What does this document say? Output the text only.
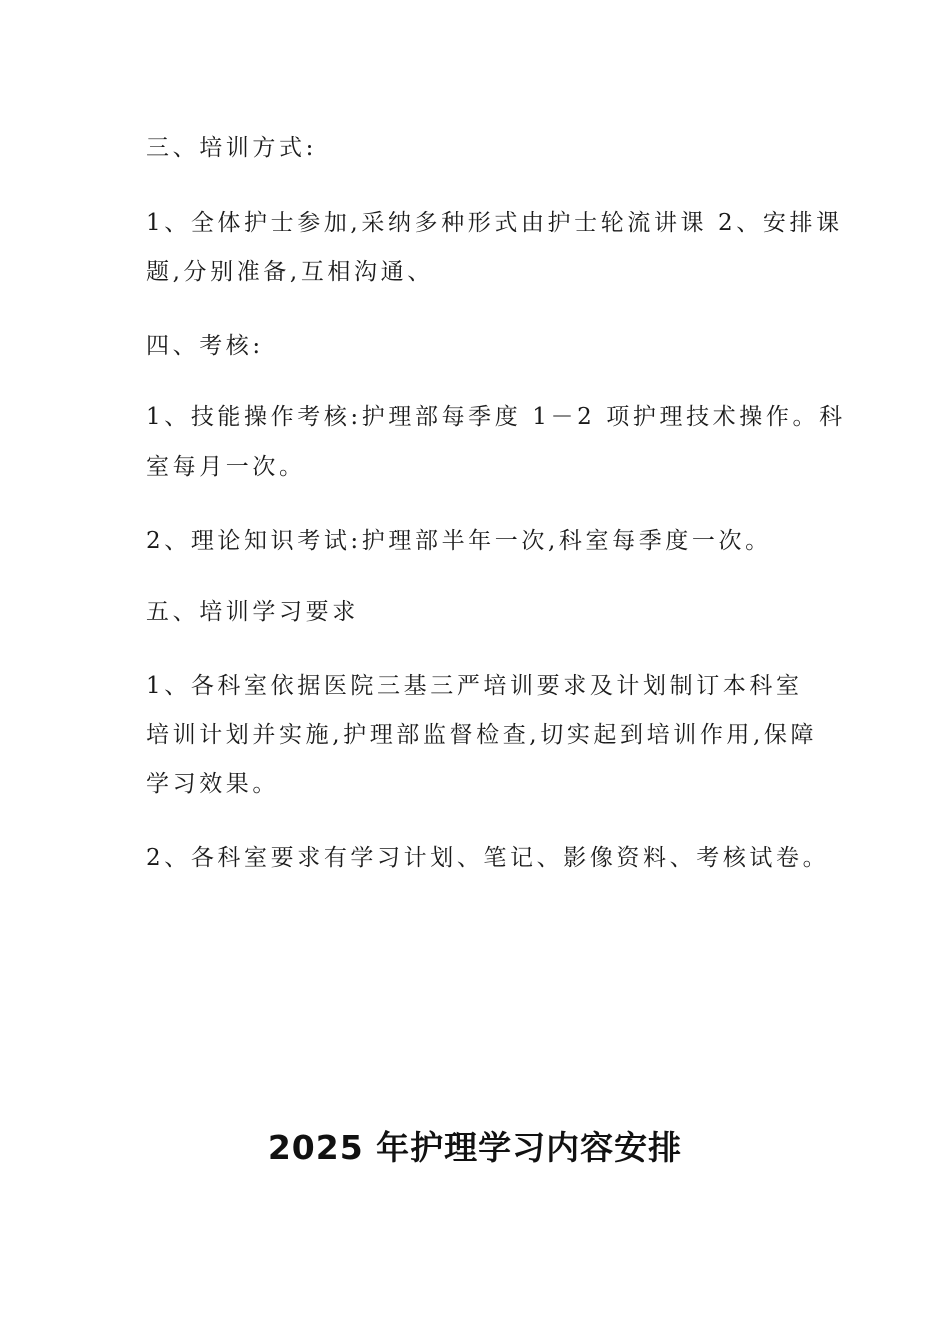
三、培训方式:

1、全体护士参加,采纳多种形式由护士轮流讲课 2、安排课

题,分别准备,互相沟通、

四、考核:

1、技能操作考核:护理部每季度 1－2 项护理技术操作。科

室每月一次。

2、理论知识考试:护理部半年一次,科室每季度一次。

五、培训学习要求

1、各科室依据医院三基三严培训要求及计划制订本科室

培训计划并实施,护理部监督检查,切实起到培训作用,保障

学习效果。

2、各科室要求有学习计划、笔记、影像资料、考核试卷。

2025 年护理学习内容安排
